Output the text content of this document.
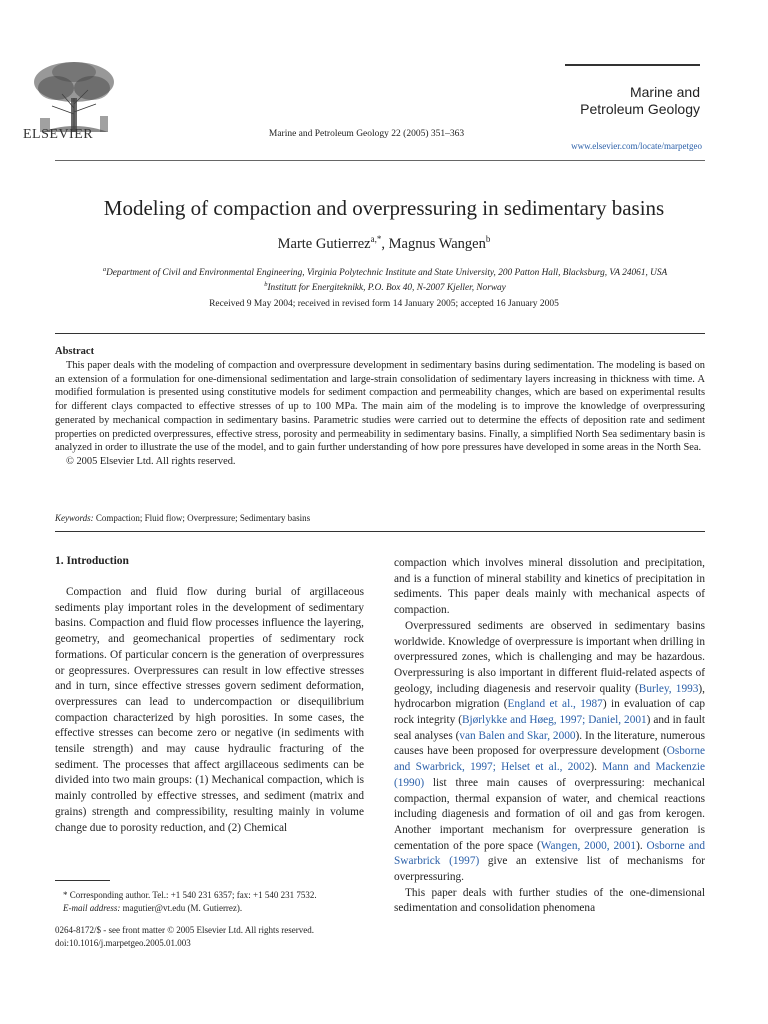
ELSEVIER	Marine and Petroleum Geology 22 (2005) 351–363
Marine and
Petroleum Geology
www.elsevier.com/locate/marpetgeo
Modeling of compaction and overpressuring in sedimentary basins
Marte Gutierrez$^{a,*}$, Magnus Wangen$^b$
$^a$Department of Civil and Environmental Engineering, Virginia Polytechnic Institute and State University, 200 Patton Hall, Blacksburg, VA 24061, USA
$^b$Institutt for Energiteknikk, P.O. Box 40, N-2007 Kjeller, Norway
Received 9 May 2004; received in revised form 14 January 2005; accepted 16 January 2005
Abstract

This paper deals with the modeling of compaction and overpressure development in sedimentary basins during sedimentation. The modeling is based on an extension of a formulation for one-dimensional sedimentation and large-strain consolidation of sedimentary layers increasing in thickness with time. A modified formulation is presented using constitutive models for sediment compaction and permeability changes, which are based on experimental results for different clays compacted to effective stresses of up to 100 MPa. The main aim of the modeling is to improve the knowledge of overpressuring generated by mechanical compaction in sedimentary basins. Parametric studies were carried out to determine the effects of deposition rate and sediment properties on predicted overpressures, effective stress, porosity and permeability in sedimentary basins. Finally, a simplified North Sea sedimentary basin is analyzed in order to illustrate the use of the model, and to gain further understanding of how pore pressures have developed in some areas in the North Sea.

© 2005 Elsevier Ltd. All rights reserved.

Keywords: Compaction; Fluid flow; Overpressure; Sedimentary basins
1. Introduction

Compaction and fluid flow during burial of argillaceous sediments play important roles in the development of sedimentary basins. Compaction and fluid flow processes influence the layering, geometry, and geomechanical properties of sedimentary rock formations. Of particular concern is the generation of overpressures or geopressures. Overpressures can result in low effective stresses and in turn, since effective stresses govern sediment deformation, overpressures can lead to undercompaction or disequilibrium compaction characterized by high porosities. In some cases, the effective stresses can become zero or negative (in sediments with tensile strength) and may cause hydraulic fracturing of the sediment. The processes that affect argillaceous sediments can be divided into two main groups: (1) Mechanical compaction, which is mainly controlled by effective stresses, and sediment (matrix and grains) strength and compressibility, resulting mainly in volume change due to porosity reduction, and (2) Chemical

compaction which involves mineral dissolution and precipitation, and is a function of mineral stability and kinetics of precipitation in sediments. This paper deals mainly with mechanical aspects of compaction.

Overpressured sediments are observed in sedimentary basins worldwide. Knowledge of overpressure is important when drilling in overpressured zones, which is challenging and may be hazardous. Overpressuring is also important in different fluid-related aspects of geology, including diagenesis and reservoir quality (Burley, 1993), hydrocarbon migration (England et al., 1987) in evaluation of cap rock integrity (Bjørlykke and Høeg, 1997; Daniel, 2001) and in fault seal analyses (van Balen and Skar, 2000). In the literature, numerous causes have been proposed for overpressure development (Osborne and Swarbrick, 1997; Helset et al., 2002). Mann and Mackenzie (1990) list three main causes of overpressuring: mechanical compaction, thermal expansion of water, and chemical reactions including diagenesis and formation of oil and gas from kerogen. Another important mechanism for overpressure generation is cementation of the pore space (Wangen, 2000, 2001). Osborne and Swarbrick (1997) give an extensive list of mechanisms for overpressuring.

This paper deals with further studies of the one-dimensional sedimentation and consolidation phenomena

* Corresponding author. Tel.: +1 540 231 6357; fax: +1 540 231 7532.
E-mail address: magutier@vt.edu (M. Gutierrez).
0264-8172/$ - see front matter © 2005 Elsevier Ltd. All rights reserved.
doi:10.1016/j.marpetgeo.2005.01.003
